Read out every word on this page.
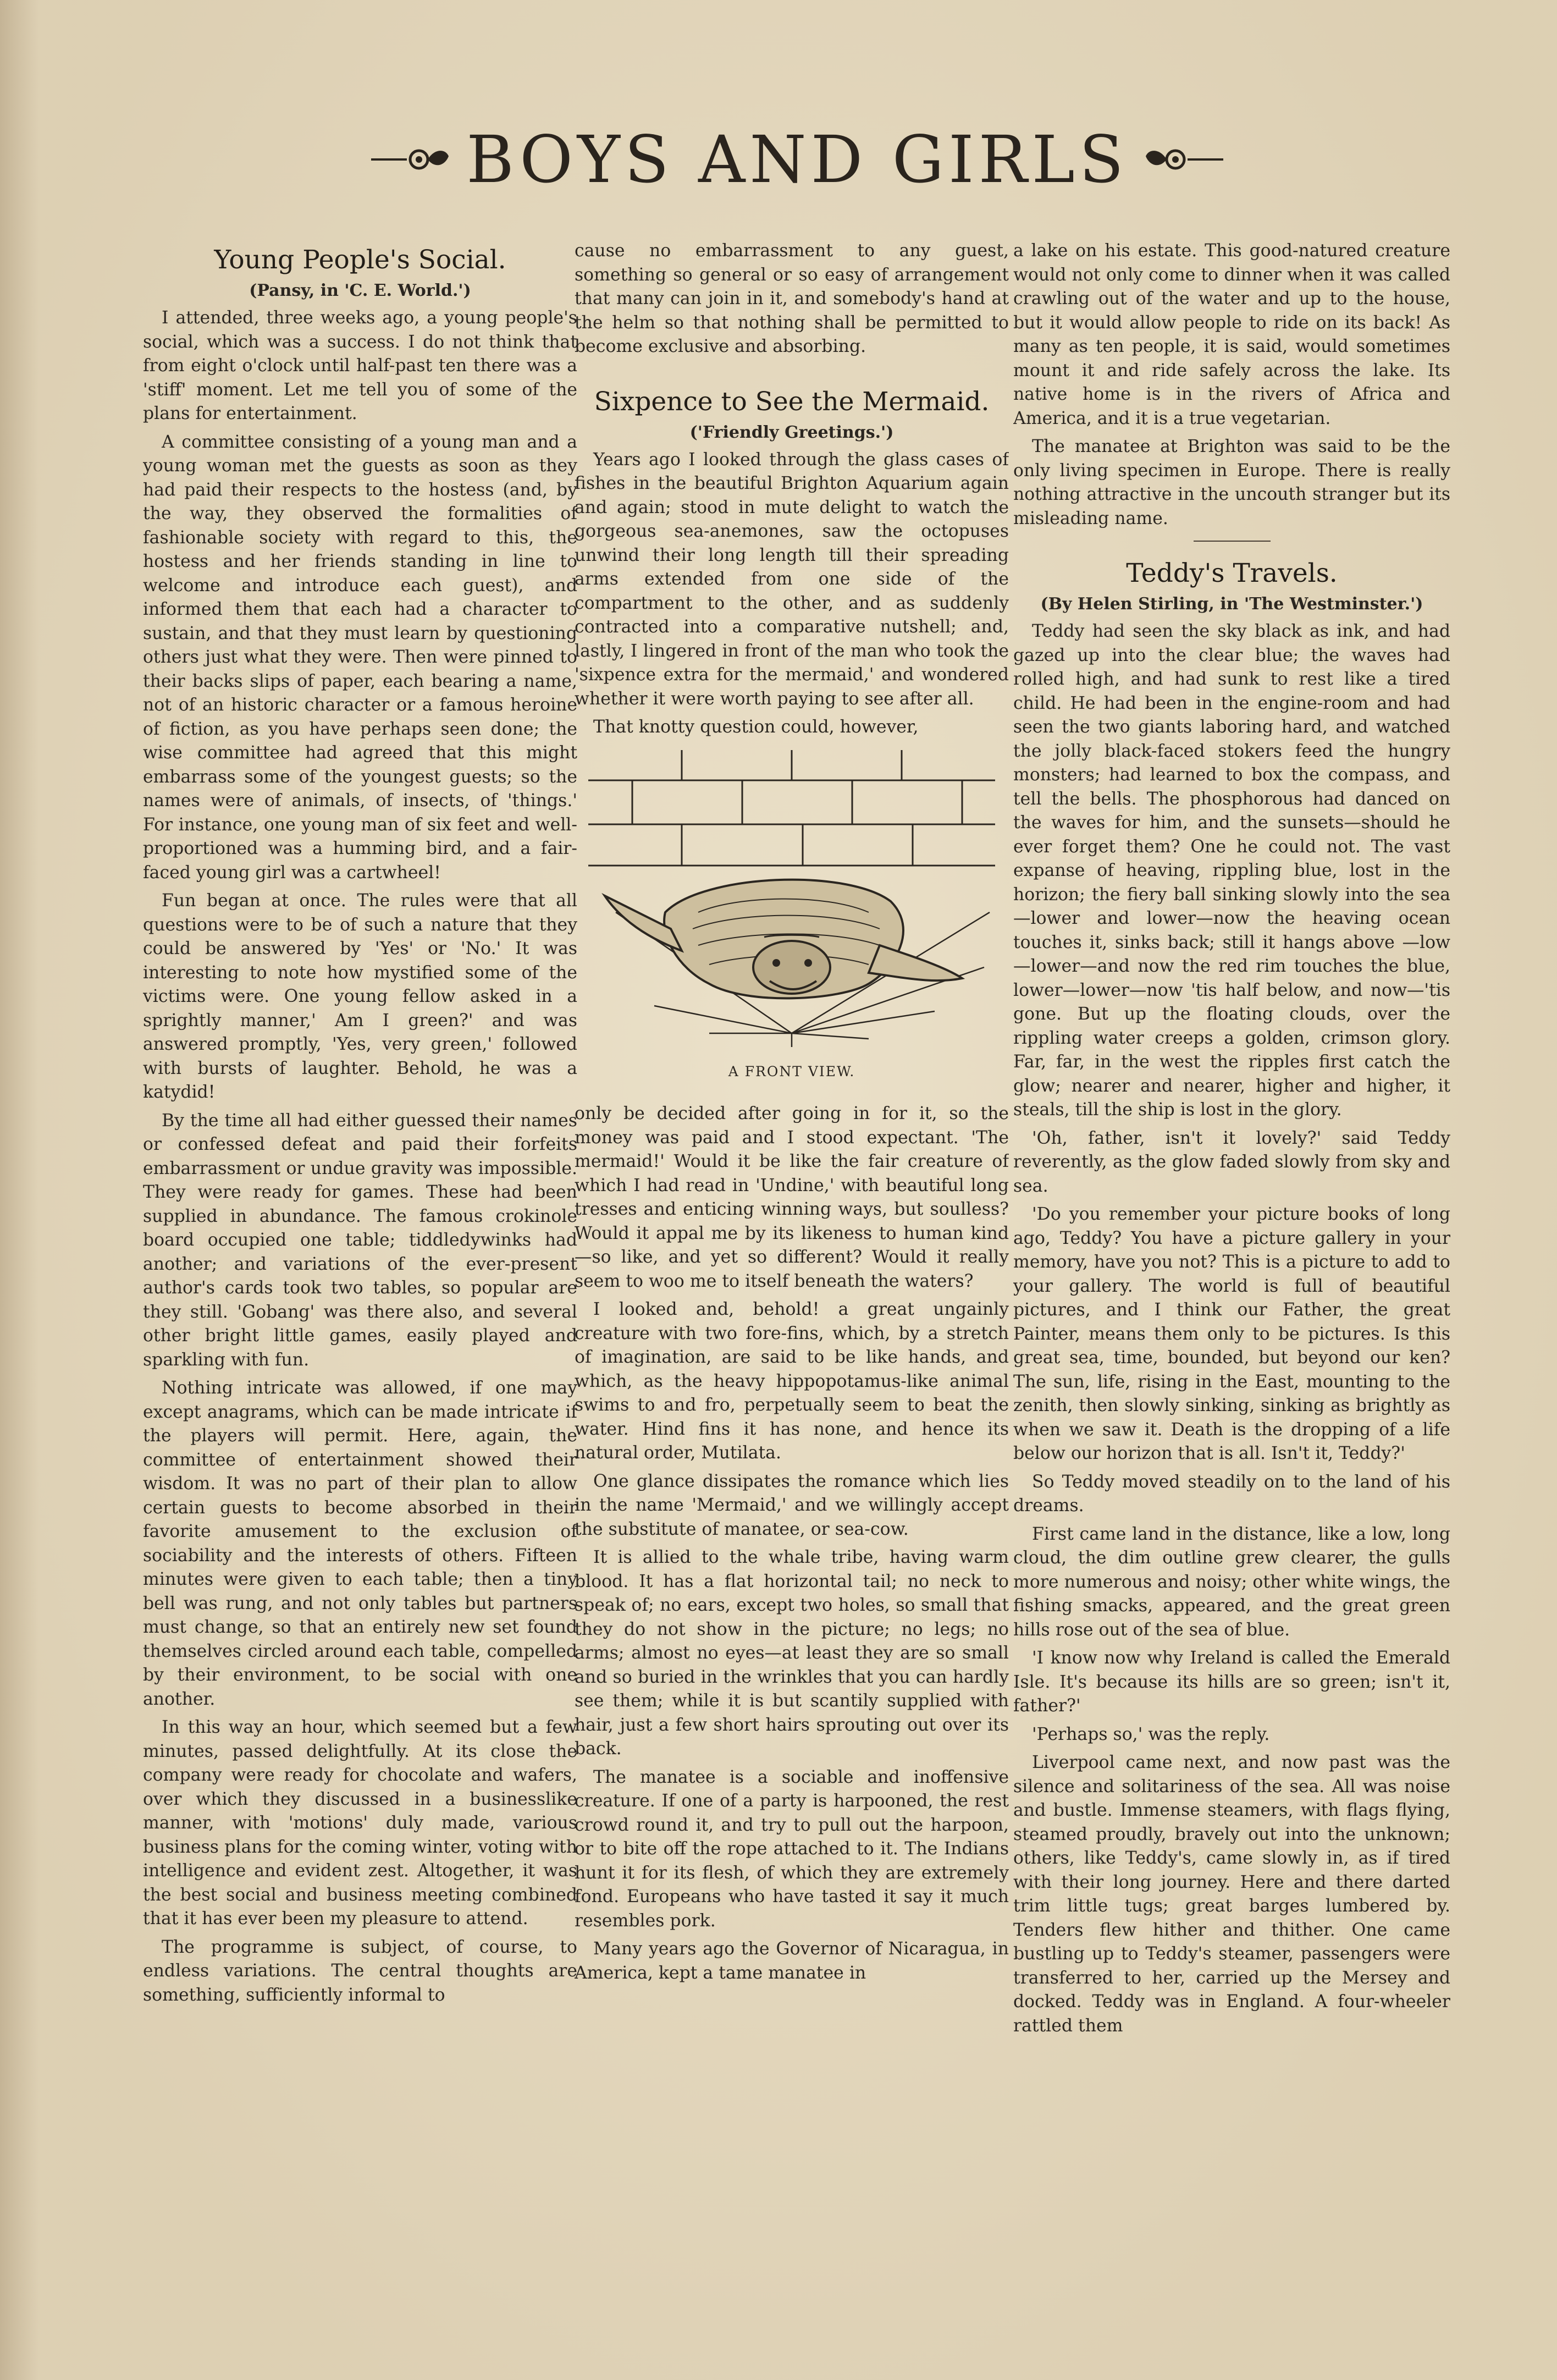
BOYS AND GIRLS
Young People's Social.
(Pansy, in 'C. E. World.')

I attended, three weeks ago, a young people's social, which was a success. I do not think that from eight o'clock until half-past ten there was a 'stiff' moment. Let me tell you of some of the plans for entertainment.

A committee consisting of a young man and a young woman met the guests as soon as they had paid their respects to the hostess (and, by the way, they observed the formalities of fashionable society with regard to this, the hostess and her friends standing in line to welcome and introduce each guest), and informed them that each had a character to sustain, and that they must learn by questioning others just what they were. Then were pinned to their backs slips of paper, each bearing a name, not of an historic character or a famous heroine of fiction, as you have perhaps seen done; the wise committee had agreed that this might embarrass some of the youngest guests; so the names were of animals, of insects, of 'things.' For instance, one young man of six feet and well-proportioned was a humming bird, and a fair-faced young girl was a cartwheel!

Fun began at once. The rules were that all questions were to be of such a nature that they could be answered by 'Yes' or 'No.' It was interesting to note how mystified some of the victims were. One young fellow asked in a sprightly manner,' Am I green?' and was answered promptly, 'Yes, very green,' followed with bursts of laughter. Behold, he was a katydid!

By the time all had either guessed their names or confessed defeat and paid their forfeits embarrassment or undue gravity was impossible. They were ready for games. These had been supplied in abundance. The famous crokinole board occupied one table; tiddledywinks had another; and variations of the ever-present author's cards took two tables, so popular are they still. 'Gobang' was there also, and several other bright little games, easily played and sparkling with fun.

Nothing intricate was allowed, if one may except anagrams, which can be made intricate if the players will permit. Here, again, the committee of entertainment showed their wisdom. It was no part of their plan to allow certain guests to become absorbed in their favorite amusement to the exclusion of sociability and the interests of others. Fifteen minutes were given to each table; then a tiny bell was rung, and not only tables but partners must change, so that an entirely new set found themselves circled around each table, compelled by their environment, to be social with one another.

In this way an hour, which seemed but a few minutes, passed delightfully. At its close the company were ready for chocolate and wafers, over which they discussed in a businesslike manner, with 'motions' duly made, various business plans for the coming winter, voting with intelligence and evident zest. Altogether, it was the best social and business meeting combined that it has ever been my pleasure to attend.

The programme is subject, of course, to endless variations. The central thoughts are something, sufficiently informal to

cause no embarrassment to any guest, something so general or so easy of arrangement that many can join in it, and somebody's hand at the helm so that nothing shall be permitted to become exclusive and absorbing.

Sixpence to See the Mermaid.
('Friendly Greetings.')

Years ago I looked through the glass cases of fishes in the beautiful Brighton Aquarium again and again; stood in mute delight to watch the gorgeous sea-anemones, saw the octopuses unwind their long length till their spreading arms extended from one side of the compartment to the other, and as suddenly contracted into a comparative nutshell; and, lastly, I lingered in front of the man who took the 'sixpence extra for the mermaid,' and wondered whether it were worth paying to see after all.

That knotty question could, however,

A FRONT VIEW.

only be decided after going in for it, so the money was paid and I stood expectant. 'The mermaid!' Would it be like the fair creature of which I had read in 'Undine,' with beautiful long tresses and enticing winning ways, but soulless? Would it appal me by its likeness to human kind—so like, and yet so different? Would it really seem to woo me to itself beneath the waters?

I looked and, behold! a great ungainly creature with two fore-fins, which, by a stretch of imagination, are said to be like hands, and which, as the heavy hippopotamus-like animal swims to and fro, perpetually seem to beat the water. Hind fins it has none, and hence its natural order, Mutilata.

One glance dissipates the romance which lies in the name 'Mermaid,' and we willingly accept the substitute of manatee, or sea-cow.

It is allied to the whale tribe, having warm blood. It has a flat horizontal tail; no neck to speak of; no ears, except two holes, so small that they do not show in the picture; no legs; no arms; almost no eyes—at least they are so small and so buried in the wrinkles that you can hardly see them; while it is but scantily supplied with hair, just a few short hairs sprouting out over its back.

The manatee is a sociable and inoffensive creature. If one of a party is harpooned, the rest crowd round it, and try to pull out the harpoon, or to bite off the rope attached to it. The Indians hunt it for its flesh, of which they are extremely fond. Europeans who have tasted it say it much resembles pork.

Many years ago the Governor of Nicaragua, in America, kept a tame manatee in

a lake on his estate. This good-natured creature would not only come to dinner when it was called crawling out of the water and up to the house, but it would allow people to ride on its back! As many as ten people, it is said, would sometimes mount it and ride safely across the lake. Its native home is in the rivers of Africa and America, and it is a true vegetarian.

The manatee at Brighton was said to be the only living specimen in Europe. There is really nothing attractive in the uncouth stranger but its misleading name.

Teddy's Travels.
(By Helen Stirling, in 'The Westminster.')

Teddy had seen the sky black as ink, and had gazed up into the clear blue; the waves had rolled high, and had sunk to rest like a tired child. He had been in the engine-room and had seen the two giants laboring hard, and watched the jolly black-faced stokers feed the hungry monsters; had learned to box the compass, and tell the bells. The phosphorous had danced on the waves for him, and the sunsets—should he ever forget them? One he could not. The vast expanse of heaving, rippling blue, lost in the horizon; the fiery ball sinking slowly into the sea—lower and lower—now the heaving ocean touches it, sinks back; still it hangs above —low—lower—and now the red rim touches the blue, lower—lower—now 'tis half below, and now—'tis gone. But up the floating clouds, over the rippling water creeps a golden, crimson glory. Far, far, in the west the ripples first catch the glow; nearer and nearer, higher and higher, it steals, till the ship is lost in the glory.

'Oh, father, isn't it lovely?' said Teddy reverently, as the glow faded slowly from sky and sea.

'Do you remember your picture books of long ago, Teddy? You have a picture gallery in your memory, have you not? This is a picture to add to your gallery. The world is full of beautiful pictures, and I think our Father, the great Painter, means them only to be pictures. Is this great sea, time, bounded, but beyond our ken? The sun, life, rising in the East, mounting to the zenith, then slowly sinking, sinking as brightly as when we saw it. Death is the dropping of a life below our horizon that is all. Isn't it, Teddy?'

So Teddy moved steadily on to the land of his dreams.

First came land in the distance, like a low, long cloud, the dim outline grew clearer, the gulls more numerous and noisy; other white wings, the fishing smacks, appeared, and the great green hills rose out of the sea of blue.

'I know now why Ireland is called the Emerald Isle. It's because its hills are so green; isn't it, father?'

'Perhaps so,' was the reply.

Liverpool came next, and now past was the silence and solitariness of the sea. All was noise and bustle. Immense steamers, with flags flying, steamed proudly, bravely out into the unknown; others, like Teddy's, came slowly in, as if tired with their long journey. Here and there darted trim little tugs; great barges lumbered by. Tenders flew hither and thither. One came bustling up to Teddy's steamer, passengers were transferred to her, carried up the Mersey and docked. Teddy was in England. A four-wheeler rattled them
